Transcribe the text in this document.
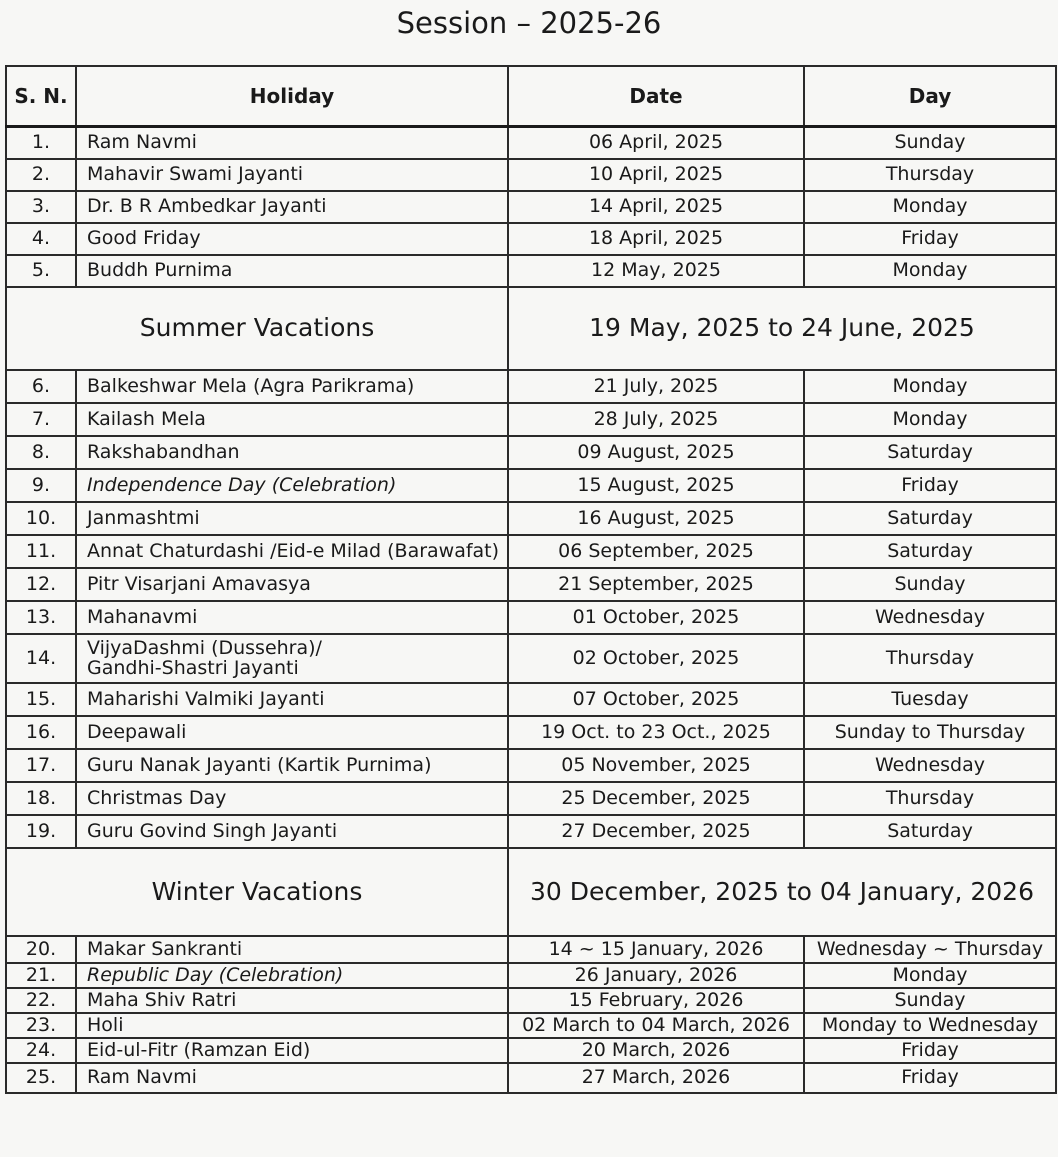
Session – 2025-26
S. N.	Holiday	Date	Day
1.	Ram Navmi	06 April, 2025	Sunday
2.	Mahavir Swami Jayanti	10 April, 2025	Thursday
3.	Dr. B R Ambedkar Jayanti	14 April, 2025	Monday
4.	Good Friday	18 April, 2025	Friday
5.	Buddh Purnima	12 May, 2025	Monday
Summer Vacations		19 May, 2025 to 24 June, 2025	
6.	Balkeshwar Mela (Agra Parikrama)	21 July, 2025	Monday
7.	Kailash Mela	28 July, 2025	Monday
8.	Rakshabandhan	09 August, 2025	Saturday
9.	Independence Day (Celebration)	15 August, 2025	Friday
10.	Janmashtmi	16 August, 2025	Saturday
11.	Annat Chaturdashi /Eid-e Milad (Barawafat)	06 September, 2025	Saturday
12.	Pitr Visarjani Amavasya	21 September, 2025	Sunday
13.	Mahanavmi	01 October, 2025	Wednesday
14.	VijyaDashmi (Dussehra)/
Gandhi-Shastri Jayanti	02 October, 2025	Thursday
15.	Maharishi Valmiki Jayanti	07 October, 2025	Tuesday
16.	Deepawali	19 Oct. to 23 Oct., 2025	Sunday to Thursday
17.	Guru Nanak Jayanti (Kartik Purnima)	05 November, 2025	Wednesday
18.	Christmas Day	25 December, 2025	Thursday
19.	Guru Govind Singh Jayanti	27 December, 2025	Saturday
Winter Vacations		30 December, 2025 to 04 January, 2026	
20.	Makar Sankranti	14 ~ 15 January, 2026	Wednesday ~ Thursday
21.	Republic Day (Celebration)	26 January, 2026	Monday
22.	Maha Shiv Ratri	15 February, 2026	Sunday
23.	Holi	02 March to 04 March, 2026	Monday to Wednesday
24.	Eid-ul-Fitr (Ramzan Eid)	20 March, 2026	Friday
25.	Ram Navmi	27 March, 2026	Friday
